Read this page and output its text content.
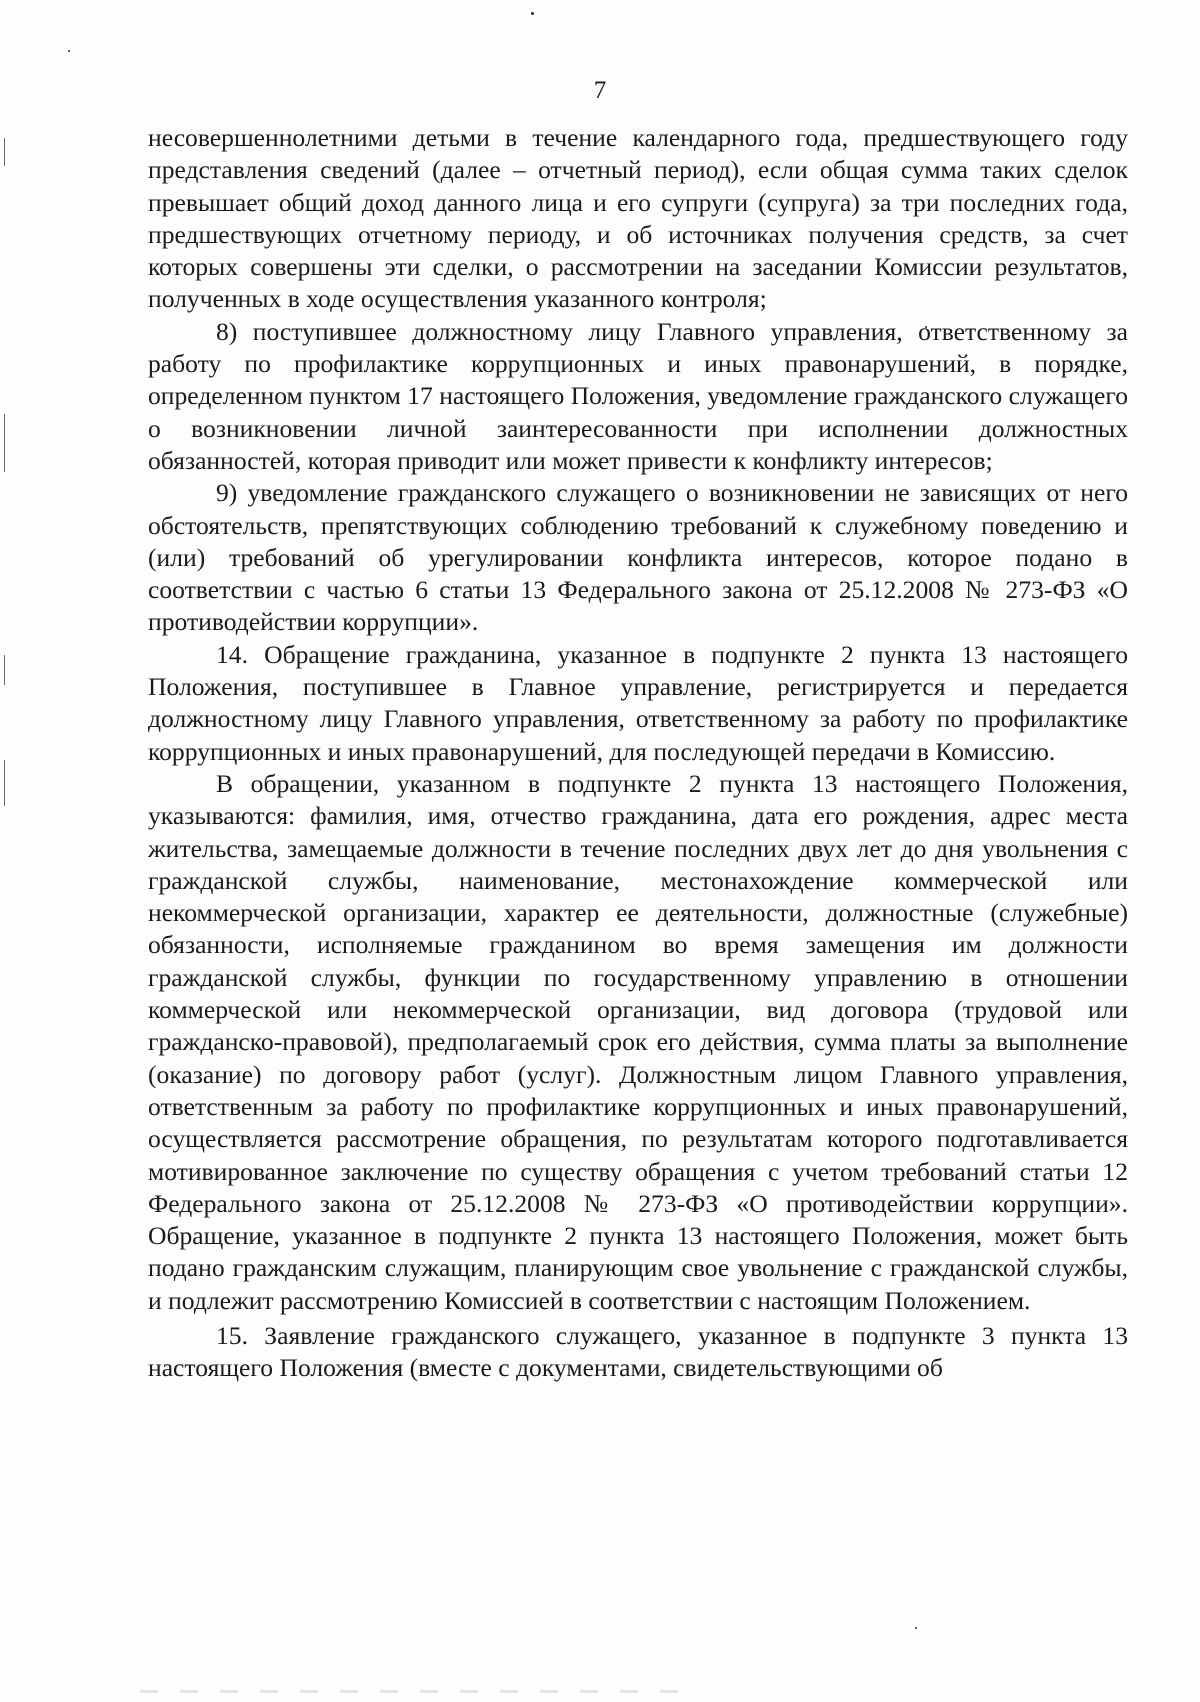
7

несовершеннолетними детьми в течение календарного года, предшествующего году представления сведений (далее – отчетный период), если общая сумма таких сделок превышает общий доход данного лица и его супруги (супруга) за три последних года, предшествующих отчетному периоду, и об источниках получения средств, за счет которых совершены эти сделки, о рассмотрении на заседании Комиссии результатов, полученных в ходе осуществления указанного контроля;

8) поступившее должностному лицу Главного управления, ответственному за работу по профилактике коррупционных и иных правонарушений, в порядке, определенном пунктом 17 настоящего Положения, уведомление гражданского служащего о возникновении личной заинтересованности при исполнении должностных обязанностей, которая приводит или может привести к конфликту интересов;

9) уведомление гражданского служащего о возникновении не зависящих от него обстоятельств, препятствующих соблюдению требований к служебному поведению и (или) требований об урегулировании конфликта интересов, которое подано в соответствии с частью 6 статьи 13 Федерального закона от 25.12.2008 № 273-ФЗ «О противодействии коррупции».

14. Обращение гражданина, указанное в подпункте 2 пункта 13 настоящего Положения, поступившее в Главное управление, регистрируется и передается должностному лицу Главного управления, ответственному за работу по профилактике коррупционных и иных правонарушений, для последующей передачи в Комиссию.

В обращении, указанном в подпункте 2 пункта 13 настоящего Положения, указываются: фамилия, имя, отчество гражданина, дата его рождения, адрес места жительства, замещаемые должности в течение последних двух лет до дня увольнения с гражданской службы, наименование, местонахождение коммерческой или некоммерческой организации, характер ее деятельности, должностные (служебные) обязанности, исполняемые гражданином во время замещения им должности гражданской службы, функции по государственному управлению в отношении коммерческой или некоммерческой организации, вид договора (трудовой или гражданско-правовой), предполагаемый срок его действия, сумма платы за выполнение (оказание) по договору работ (услуг). Должностным лицом Главного управления, ответственным за работу по профилактике коррупционных и иных правонарушений, осуществляется рассмотрение обращения, по результатам которого подготавливается мотивированное заключение по существу обращения с учетом требований статьи 12 Федерального закона от 25.12.2008 № 273-ФЗ «О противодействии коррупции». Обращение, указанное в подпункте 2 пункта 13 настоящего Положения, может быть подано гражданским служащим, планирующим свое увольнение с гражданской службы, и подлежит рассмотрению Комиссией в соответствии с настоящим Положением.

15. Заявление гражданского служащего, указанное в подпункте 3 пункта 13 настоящего Положения (вместе с документами, свидетельствующими об
